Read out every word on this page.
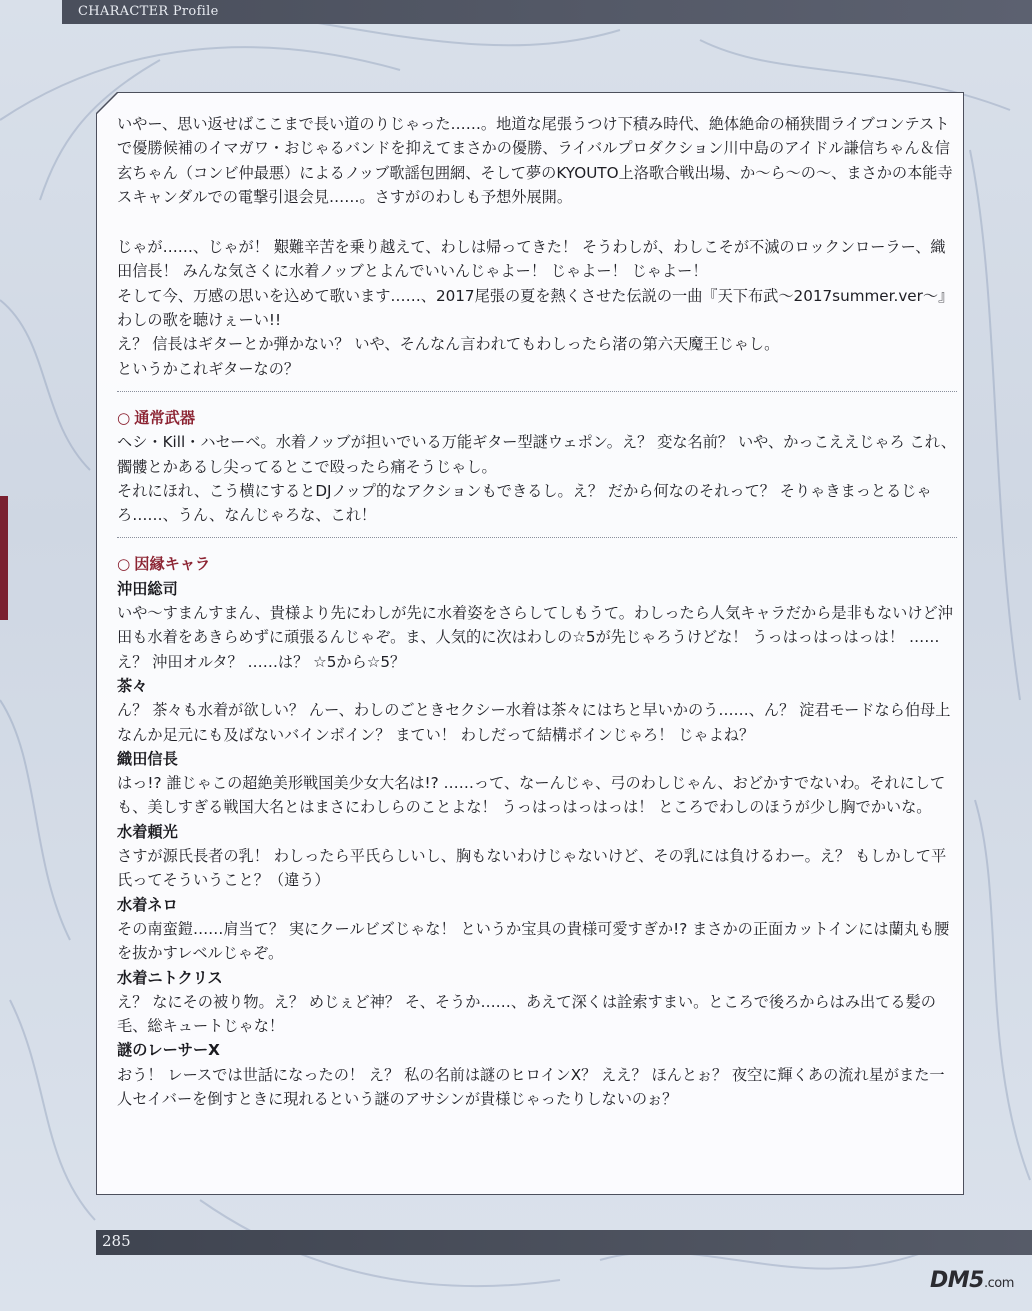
CHARACTER Profile

いやー、思い返せばここまで長い道のりじゃった……。地道な尾張うつけ下積み時代、絶体絶命の桶狭間ライブコンテストで優勝候補のイマガワ・おじゃるバンドを抑えてまさかの優勝、ライバルプロダクション川中島のアイドル謙信ちゃん＆信玄ちゃん（コンビ仲最悪）によるノッブ歌謡包囲網、そして夢のKYOUTO上洛歌合戦出場、か～ら～の～、まさかの本能寺スキャンダルでの電撃引退会見……。さすがのわしも予想外展開。

じゃが……、じゃが！ 艱難辛苦を乗り越えて、わしは帰ってきた！ そうわしが、わしこそが不滅のロックンローラー、織田信長！ みんな気さくに水着ノッブとよんでいいんじゃよー！ じゃよー！ じゃよー！

そして今、万感の思いを込めて歌います……、2017尾張の夏を熱くさせた伝説の一曲『天下布武～2017summer.ver～』わしの歌を聴けぇーい!!

え？ 信長はギターとか弾かない？ いや、そんなん言われてもわしったら渚の第六天魔王じゃし。

というかこれギターなの？

○ 通常武器

ヘシ・Kill・ハセーベ。水着ノッブが担いでいる万能ギター型謎ウェポン。え？ 変な名前？ いや、かっこええじゃろ これ、髑髏とかあるし尖ってるとこで殴ったら痛そうじゃし。

それにほれ、こう横にするとDJノップ的なアクションもできるし。え？ だから何なのそれって？ そりゃきまっとるじゃろ……、うん、なんじゃろな、これ！

○ 因縁キャラ

沖田総司

いや～すまんすまん、貴様より先にわしが先に水着姿をさらしてしもうて。わしったら人気キャラだから是非もないけど沖田も水着をあきらめずに頑張るんじゃぞ。ま、人気的に次はわしの☆5が先じゃろうけどな！ うっはっはっはっは！ ……え？ 沖田オルタ？ ……は？ ☆5から☆5？

茶々

ん？ 茶々も水着が欲しい？ んー、わしのごときセクシー水着は茶々にはちと早いかのう……、ん？ 淀君モードなら伯母上なんか足元にも及ばないバインボイン？ まてい！ わしだって結構ボインじゃろ！ じゃよね？

織田信長

はっ!? 誰じゃこの超絶美形戦国美少女大名は!? ……って、なーんじゃ、弓のわしじゃん、おどかすでないわ。それにしても、美しすぎる戦国大名とはまさにわしらのことよな！ うっはっはっはっは！ ところでわしのほうが少し胸でかいな。

水着頼光

さすが源氏長者の乳！ わしったら平氏らしいし、胸もないわけじゃないけど、その乳には負けるわー。え？ もしかして平氏ってそういうこと？（違う）

水着ネロ

その南蛮鎧……肩当て？ 実にクールビズじゃな！ というか宝具の貴様可愛すぎか!? まさかの正面カットインには蘭丸も腰を抜かすレベルじゃぞ。

水着ニトクリス

え？ なにその被り物。え？ めじぇど神？ そ、そうか……、あえて深くは詮索すまい。ところで後ろからはみ出てる髪の毛、総キュートじゃな！

謎のレーサーX

おう！ レースでは世話になったの！ え？ 私の名前は謎のヒロインX？ ええ？ ほんとぉ？ 夜空に輝くあの流れ星がまた一人セイバーを倒すときに現れるという謎のアサシンが貴様じゃったりしないのぉ？

285
DM5.com
